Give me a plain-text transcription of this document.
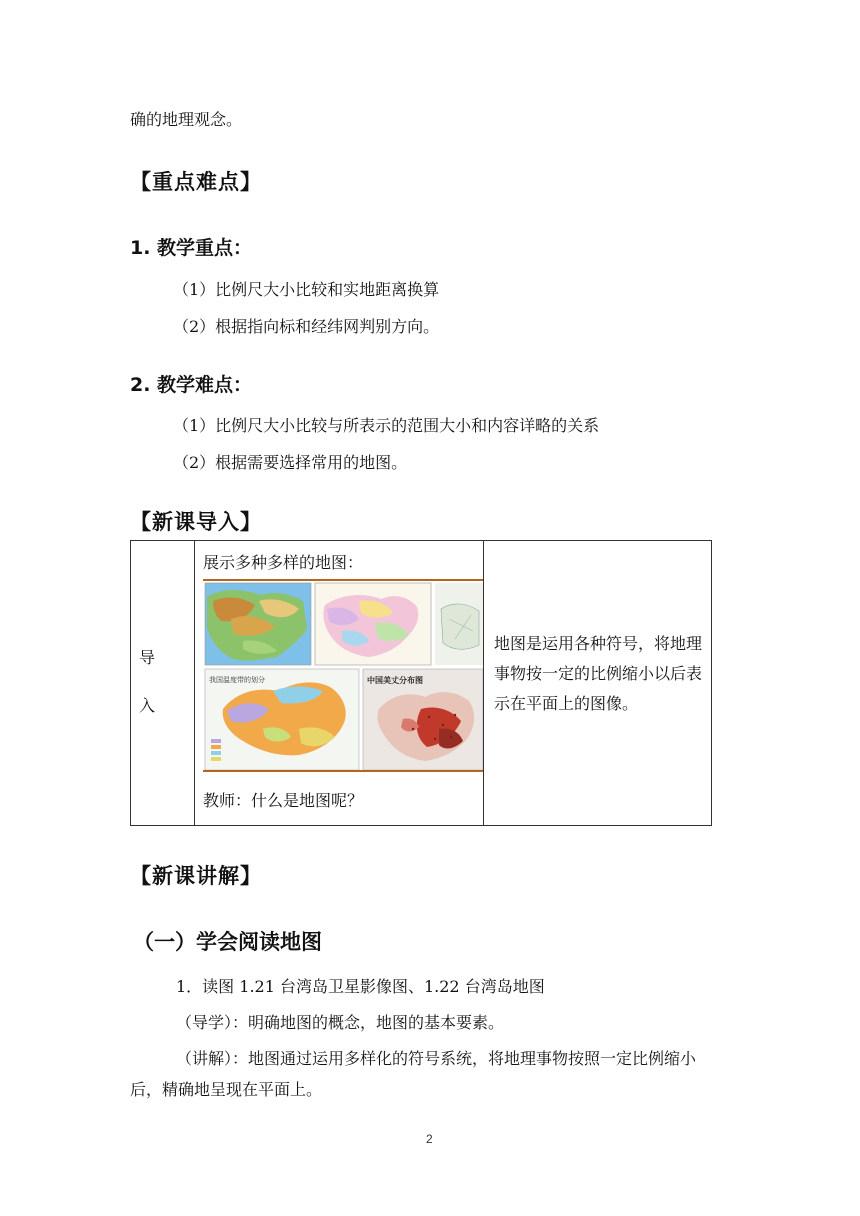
确的地理观念。
【重点难点】
1. 教学重点：
（1）比例尺大小比较和实地距离换算
（2）根据指向标和经纬网判别方向。
2. 教学难点：
（1）比例尺大小比较与所表示的范围大小和内容详略的关系
（2）根据需要选择常用的地图。
【新课导入】
导
入
展示多种多样的地图：
我国温度带的划分	中国美丈分布图
教师：什么是地图呢？
地图是运用各种符号，将地理事物按一定的比例缩小以后表示在平面上的图像。
【新课讲解】
（一）学会阅读地图
1．读图 1.21 台湾岛卫星影像图、1.22 台湾岛地图
（导学）：明确地图的概念，地图的基本要素。
（讲解）：地图通过运用多样化的符号系统，将地理事物按照一定比例缩小
后，精确地呈现在平面上。
2
